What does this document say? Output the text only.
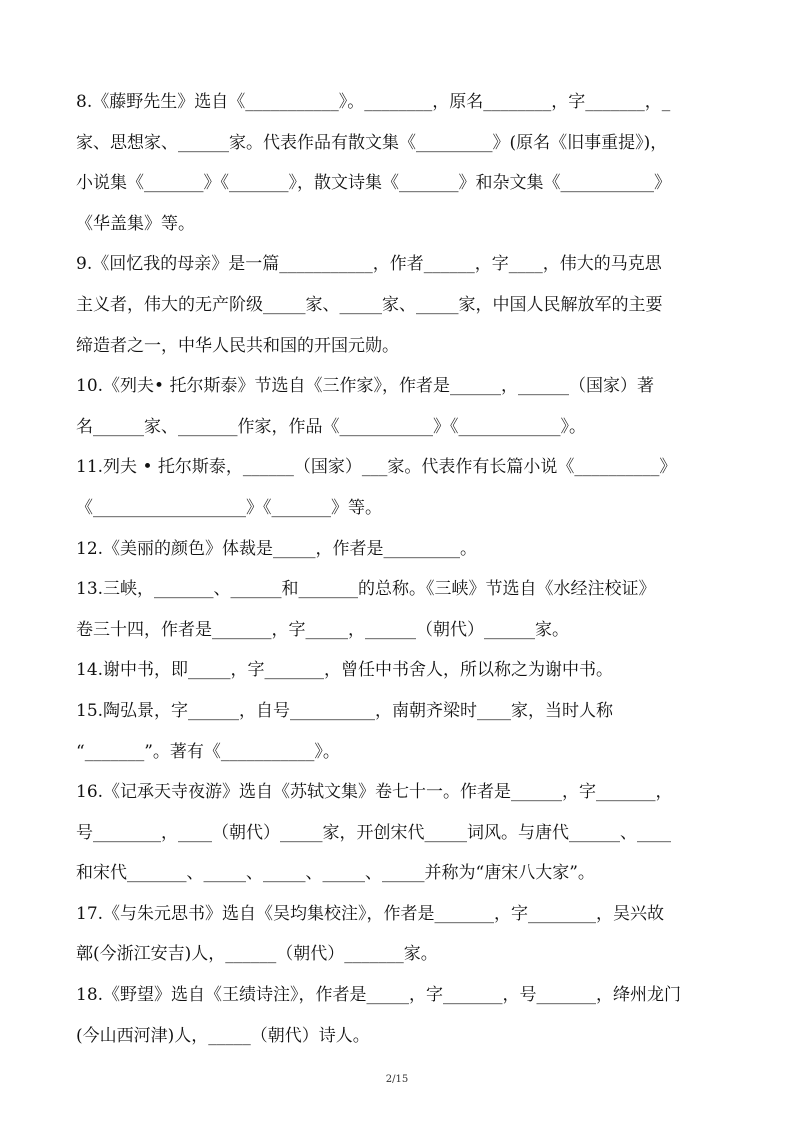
8.《藤野先生》选自《___________》。________，原名________，字_______，_
家、思想家、______家。代表作品有散文集《_________》(原名《旧事重提》)，
小说集《_______》《_______》，散文诗集《_______》和杂文集《___________》
《华盖集》等。
9.《回忆我的母亲》是一篇___________，作者______，字____，伟大的马克思
主义者，伟大的无产阶级_____家、_____家、_____家，中国人民解放军的主要
缔造者之一，中华人民共和国的开国元勋。
10.《列夫• 托尔斯泰》节选自《三作家》，作者是______，______（国家）著
名______家、_______作家，作品《___________》《____________》。
11.列夫 • 托尔斯泰，______（国家）___家。代表作有长篇小说《__________》
《__________________》《_______》等。
12.《美丽的颜色》体裁是_____，作者是_________。
13.三峡，_______、______和_______的总称。《三峡》节选自《水经注校证》
卷三十四，作者是_______，字_____，______（朝代）______家。
14.谢中书，即_____，字_______，曾任中书舍人，所以称之为谢中书。
15.陶弘景，字______，自号__________，南朝齐梁时____家，当时人称
“_______”。著有《___________》。
16.《记承天寺夜游》选自《苏轼文集》卷七十一。作者是______，字_______，
号________，____（朝代）_____家，开创宋代_____词风。与唐代______、____
和宋代_______、_____、_____、_____、_____并称为“唐宋八大家”。
17.《与朱元思书》选自《吴均集校注》，作者是_______，字________，吴兴故
鄣(今浙江安吉)人，______（朝代）_______家。
18.《野望》选自《王绩诗注》，作者是_____，字_______，号_______，绛州龙门
(今山西河津)人，_____（朝代）诗人。
2/15
